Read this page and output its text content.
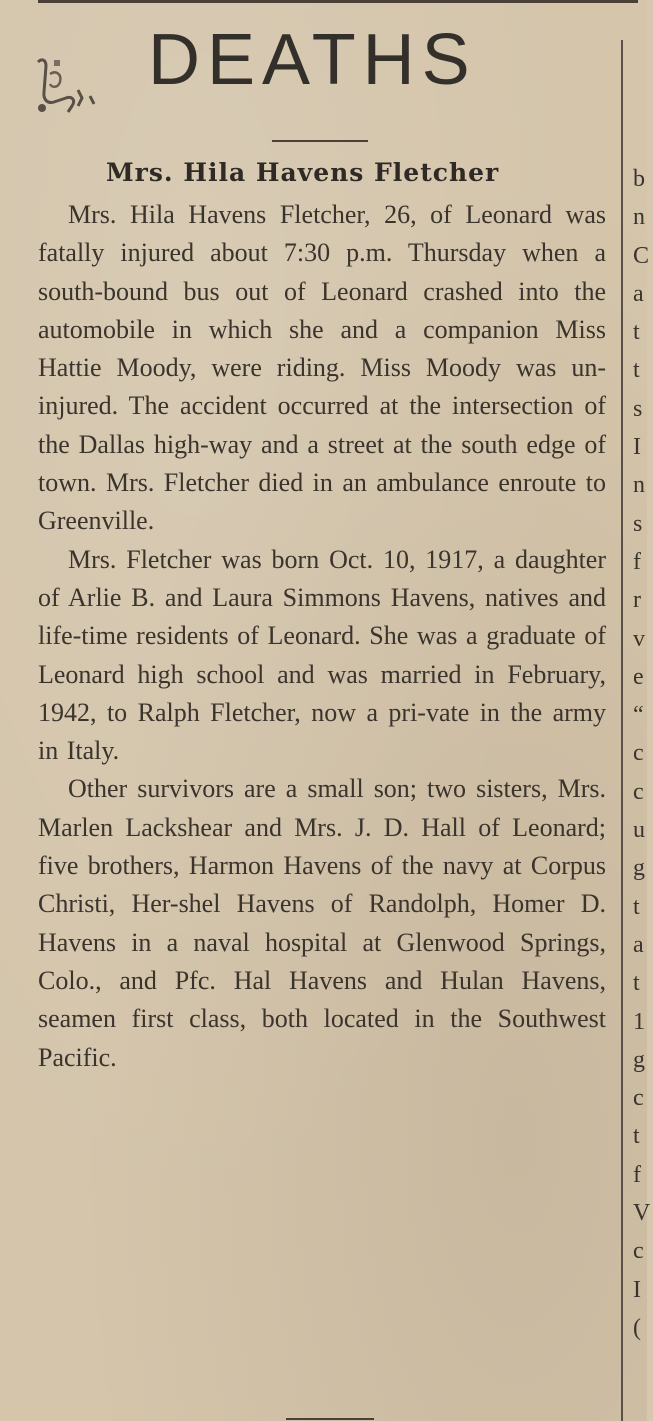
DEATHS
Mrs. Hila Havens Fletcher

Mrs. Hila Havens Fletcher, 26, of Leonard was fatally injured about 7:30 p.m. Thursday when a south-bound bus out of Leonard crashed into the automobile in which she and a companion Miss Hattie Moody, were riding. Miss Moody was un-injured. The accident occurred at the intersection of the Dallas high-way and a street at the south edge of town. Mrs. Fletcher died in an ambulance enroute to Greenville.

Mrs. Fletcher was born Oct. 10, 1917, a daughter of Arlie B. and Laura Simmons Havens, natives and life-time residents of Leonard. She was a graduate of Leonard high school and was married in February, 1942, to Ralph Fletcher, now a pri-vate in the army in Italy.

Other survivors are a small son; two sisters, Mrs. Marlen Lackshear and Mrs. J. D. Hall of Leonard; five brothers, Harmon Havens of the navy at Corpus Christi, Her-shel Havens of Randolph, Homer D. Havens in a naval hospital at Glenwood Springs, Colo., and Pfc. Hal Havens and Hulan Havens, seamen first class, both located in the Southwest Pacific.

b
n
C
a
t
t
s
I
n
s
f
r
v
e
“
c
c
u
g
t
a
t
1
g
c
t
f
V
c
I
(
